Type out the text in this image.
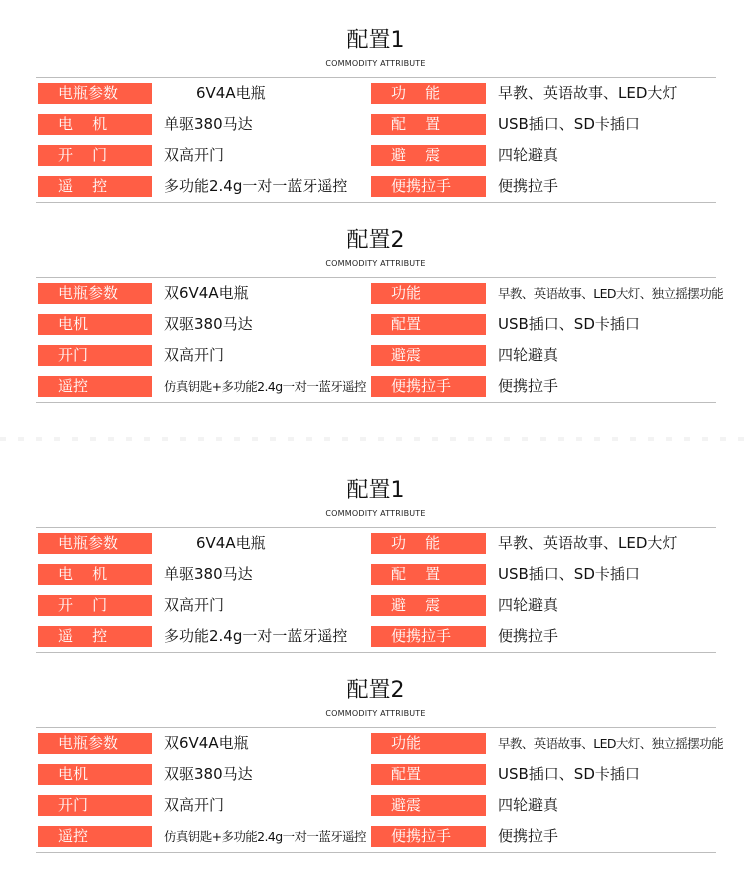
配置1
COMMODITY ATTRIBUTE
电瓶参数	6V4A电瓶	功    能	早教、英语故事、LED大灯
电    机	单驱380马达	配    置	USB插口、SD卡插口
开    门	双高开门	避    震	四轮避真
遥    控	多功能2.4g一对一蓝牙遥控	便携拉手	便携拉手
配置2
COMMODITY ATTRIBUTE
电瓶参数	双6V4A电瓶	功能	早教、英语故事、LED大灯、独立摇摆功能
电机	双驱380马达	配置	USB插口、SD卡插口
开门	双高开门	避震	四轮避真
遥控	仿真钥匙+多功能2.4g一对一蓝牙遥控	便携拉手	便携拉手
配置1
COMMODITY ATTRIBUTE
电瓶参数	6V4A电瓶	功    能	早教、英语故事、LED大灯
电    机	单驱380马达	配    置	USB插口、SD卡插口
开    门	双高开门	避    震	四轮避真
遥    控	多功能2.4g一对一蓝牙遥控	便携拉手	便携拉手
配置2
COMMODITY ATTRIBUTE
电瓶参数	双6V4A电瓶	功能	早教、英语故事、LED大灯、独立摇摆功能
电机	双驱380马达	配置	USB插口、SD卡插口
开门	双高开门	避震	四轮避真
遥控	仿真钥匙+多功能2.4g一对一蓝牙遥控	便携拉手	便携拉手
